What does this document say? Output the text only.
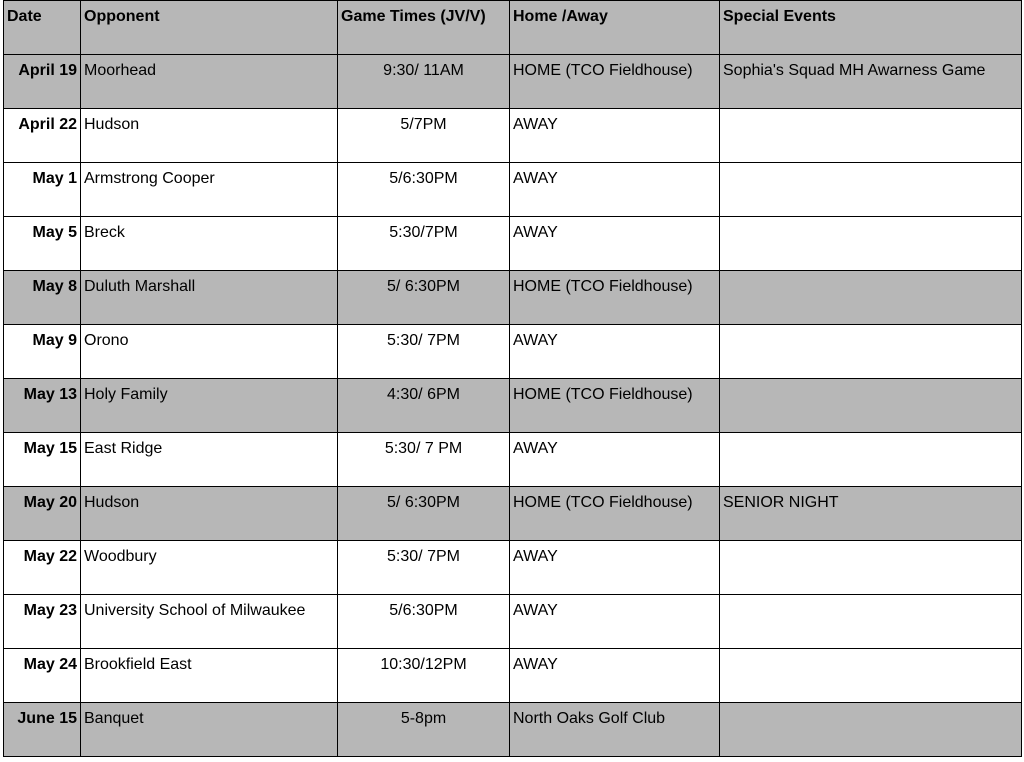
Date	Opponent	Game Times (JV/V)	Home /Away	Special Events
April 19	Moorhead	9:30/ 11AM	HOME (TCO Fieldhouse)	Sophia's Squad MH Awarness Game
April 22	Hudson	5/7PM	AWAY	
May 1	Armstrong Cooper	5/6:30PM	AWAY	
May 5	Breck	5:30/7PM	AWAY	
May 8	Duluth Marshall	5/ 6:30PM	HOME (TCO Fieldhouse)	
May 9	Orono	5:30/ 7PM	AWAY	
May 13	Holy Family	4:30/ 6PM	HOME (TCO Fieldhouse)	
May 15	East Ridge	5:30/ 7 PM	AWAY	
May 20	Hudson	5/ 6:30PM	HOME (TCO Fieldhouse)	SENIOR NIGHT
May 22	Woodbury	5:30/ 7PM	AWAY	
May 23	University School of Milwaukee	5/6:30PM	AWAY	
May 24	Brookfield East	10:30/12PM	AWAY	
June 15	Banquet	5-8pm	North Oaks Golf Club	
